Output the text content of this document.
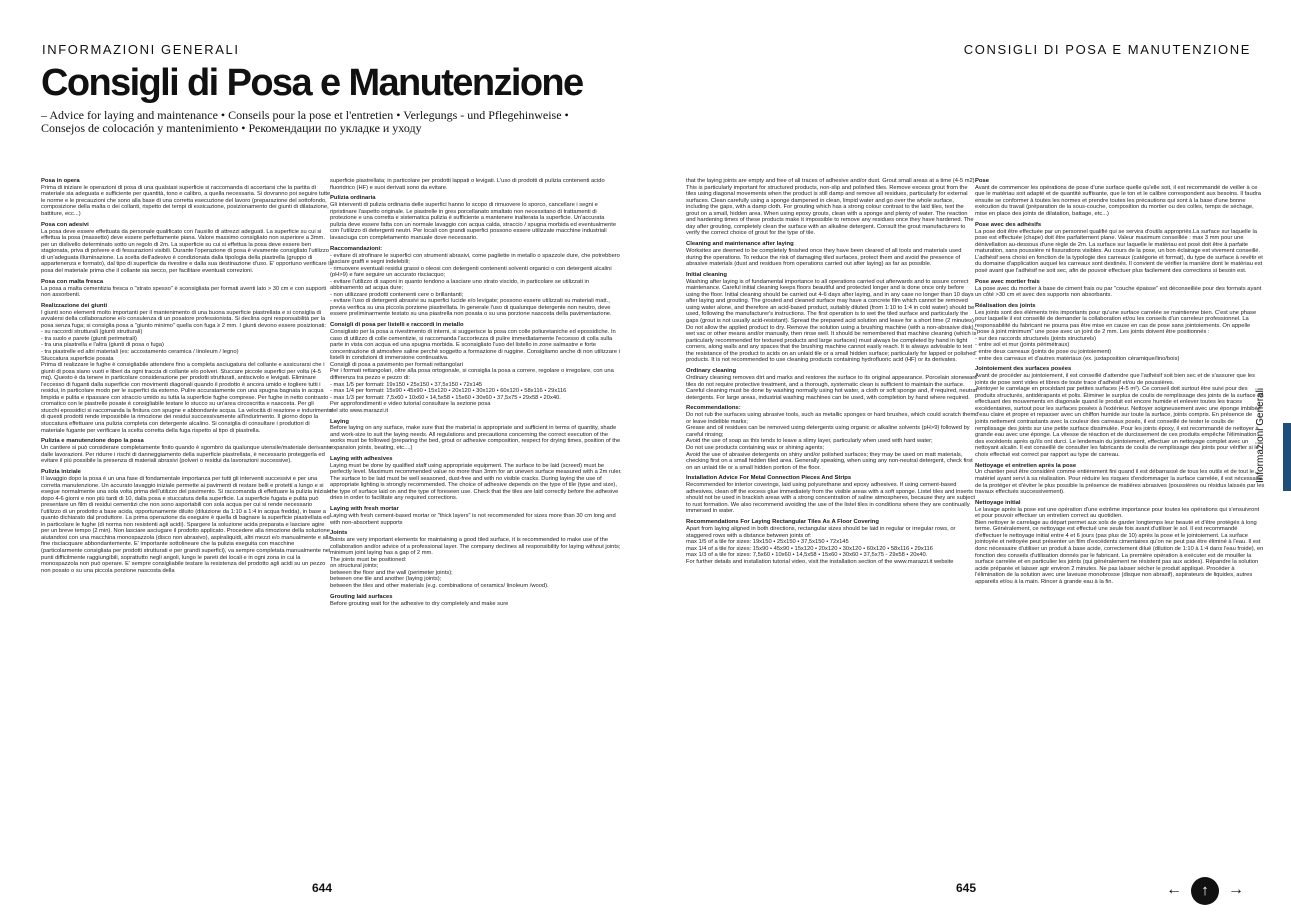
INFORMAZIONI GENERALI	CONSIGLI DI POSA E MANUTENZIONE
Consigli di Posa e Manutenzione
– Advice for laying and maintenance • Conseils pour la pose et l'entretien • Verlegungs - und Pflegehinweise • Consejos de colocación y mantenimiento • Рекомендации по укладке и уходу
Posa in opera

Prima di iniziare le operazioni di posa di una qualsiasi superficie si raccomanda di accertarsi che la partita di materiale sia adeguata e sufficiente per quantità, tono e calibro, a quella necessaria. Si dovranno poi seguire tutte le norme e le precauzioni che sono alla base di una corretta esecuzione del lavoro (preparazione del sottofondo, composizione della malta o dei collanti, rispetto dei tempi di essicazione, posizionamento dei giunti di dilatazione, battiture, ecc...)

Posa con adesivi

La posa deve essere effettuata da personale qualificato con l'ausilio di attrezzi adeguati. La superficie su cui si effettua la posa (massetto) deve essere perfettamente piana. Valore massimo consigliato non superiore a 3mm. per un dislivello determinato sotto un regolo di 2m. La superficie su cui si effettua la posa deve essere ben stagionata, priva di polvere e di fessurazioni visibili. Durante l'operazione di posa è vivamente consigliato l'utilizzo di un'adeguata illuminazione. La scelta dell'adesivo è condizionata dalla tipologia della piastrella (gruppo di appartenenza e formato), dal tipo di superficie da rivestire e dalla sua destinazione d'uso. E' opportuno verificare la posa del materiale prima che il collante sia secco, per facilitare eventuali correzioni.

Posa con malta fresca

La posa a malta cementizia fresca o "strato spesso" è sconsigliata per formati aventi lato > 30 cm e con supporti non assorbenti.

Realizzazione dei giunti

I giunti sono elementi molto importanti per il mantenimento di una buona superficie piastrellata e si consiglia di avvalersi della collaborazione e/o consulenza di un posatore professionista. Si declina ogni responsabilità per la posa senza fuga; si consiglia posa a "giunto minimo" quella con fuga ≥ 2 mm. I giunti devono essere posizionati:
- su raccordi strutturali (giunti strutturali)
- tra suolo e parete (giunti perimetrali)
- tra una piastrella e l'altra (giunti di posa o fuga)
- tra piastrelle ed altri materiali (es: accostamento ceramica / linoleum / legno)
Stuccatura superficie posata
Prima di realizzare le fughe è consigliabile attendere fino a completa asciugatura del collante e assicurarsi che i giunti di posa siano vuoti e liberi da ogni traccia di collante e/o polveri. Stuccare piccole superfici per volta (4-5 mq). Questo è da tenere in particolare considerazione per prodotti strutturati, antiscivolo e levigati. Eliminare l'eccesso di fuganti dalla superficie con movimenti diagonali quando il prodotto è ancora umido e togliere tutti i residui, in particolare modo per le superfici da esterno. Pulire accuratamente con una spugna bagnata in acqua limpida e pulita e ripassare con straccio umido su tutta la superficie fughe comprese. Per fughe in netto contrasto cromatico con le piastrelle posate è consigliabile testare lo stucco su un'area circoscritta e nascosta. Per gli stucchi epossidici si raccomanda la finitura con spugne e abbondante acqua. La velocità di reazione e indurimento di questi prodotti rende impossibile la rimozione dei residui successivamente all'indurimento. Il giorno dopo la stuccatura effettuare una pulizia completa con detergente alcalino. Si consiglia di consultare i produttori di materiale fugante per verificare la scelta corretta della fuga rispetto al tipo di piastrella.

Pulizia e manutenzione dopo la posa

Un cantiere si può considerare completamente finito quando è sgombro da qualunque utensile/materiale derivante dalle lavorazioni. Per ridurre i rischi di danneggiamento della superficie piastrellata, è necessario proteggerla ed evitare il più possibile la presenza di materiali abrasivi (polveri o residui da lavorazioni successive).

Pulizia iniziale

Il lavaggio dopo la posa è un una fase di fondamentale importanza per tutti gli interventi successivi e per una corretta manutenzione. Un accurato lavaggio iniziale permette ai pavimenti di restare belli e protetti a lungo e si esegue normalmente una sola volta prima dell'utilizzo del pavimento. Si raccomanda di effettuare la pulizia iniziale dopo 4-6 giorni e non più tardi di 10, dalla posa e stuccatura della superficie. La superficie fugata e pulita può presentare un film di residui cementizi che non sono asportabili con sola acqua per cui si rende necessario l'utilizzo di un prodotto a base acida, opportunamente diluito (diluizione da 1:10 a 1:4 in acqua fredda), in base a quanto dichiarato dal produttore. La prima operazione da eseguire è quella di bagnare la superficie piastrellata ed in particolare le fughe (di norma non resistenti agli acidi). Spargere la soluzione acida preparata e lasciare agire per un breve tempo (2 min). Non lasciare asciugare il prodotto applicato. Procedere alla rimozione della soluzione aiutandosi con una macchina monospazzola (disco non abrasivo), aspiraliquidi, altri mezzi e/o manualmente e alla fine risciacquare abbondantemente. E' importante sottolineare che la pulizia eseguita con macchine (particolarmente consigliata per prodotti strutturati e per grandi superfici), va sempre completata manualmente nei punti difficilmente raggiungibili, soprattutto negli angoli, lungo le pareti dei locali e in ogni zona in cui la monospazzola non può operare. E' sempre consigliabile testare la resistenza del prodotto agli acidi su un pezzo non posato o su una piccola porzione nascosta della

superficie piastrellata; in particolare per prodotti lappati o levigati. L'uso di prodotti di pulizia contenenti acido fluoridrico (HF) e suoi derivati sono da evitare.

Pulizia ordinaria

Gli interventi di pulizia ordinaria delle superfici hanno lo scopo di rimuovere lo sporco, cancellare i segni e ripristinare l'aspetto originale. Le piastrelle in gres porcellanato smaltato non necessitano di trattamenti di protezione e una corretta e sistematica pulizia è sufficiente a mantenere inalterata la superficie. Un'accurata pulizia deve essere fatta con un normale lavaggio con acqua calda, straccio / spugna morbida ed eventualmente con l'utilizzo di detergenti neutri. Per locali con grandi superfici possono essere utilizzate macchine industriali lavasciuga con completamento manuale dove necessario.

Raccomandazioni:

- evitare di strofinare le superfici con strumenti abrasivi, come pagliette in metallo o spazzole dure, che potrebbero lasciare graffi e segni indelebili;
- rimuovere eventuali residui grassi o oleosi con detergenti contenenti solventi organici o con detergenti alcalini (pH>9) e fare seguire un accurato risciacquo;
- evitare l'utilizzo di saponi in quanto tendono a lasciare uno strato viscido, in particolare se utilizzati in abbinamento ad acqua dure;
- non utilizzare prodotti contenenti cere o brillantanti;
- evitare l'uso di detergenti abrasivi su superfici lucide e/o levigate; possono essere utilizzati su materiali matt., previa verifica su una piccola porzione piastrellata. In generale l'uso di qualunque detergente non neutro, deve essere preliminarmente testato su una piastrella non posata o su una porzione nascosta della pavimentazione.

Consigli di posa per listelli e raccordi in metallo

Consigliato per la posa a rivestimento di interni, si suggerisce la posa con colle poliuretaniche ed epossidiche. In caso di utilizzo di colle cementizie, si raccomanda l'accortezza di pulire immediatamente l'eccesso di colla sulla parte in vista con acqua ed una spugna morbida. E sconsigliato l'uso del listello in zone salmastre e forte concentrazione di atmosfere saline perchè soggetto a formazione di ruggine. Consigliamo anche di non utilizzare i listelli in condizioni di immersione continuativa.
Consigli di posa a pavimento per formati rettangolari
Per i formati rettangolari, oltre alla posa ortogonale, si consiglia la posa a correre, regolare o irregolare, con una differenza tra pezzo e pezzo di:
- max 1/5 per formati: 19x150 • 25x150 • 37,5x150 • 72x145
- max 1/4 per formati: 15x90 • 45x90 • 15x120 • 20x120 • 30x120 • 60x120 • 58x116 • 29x116
- max 1/3 per formati: 7,5x60 • 10x60 • 14,5x58 • 15x60 • 30x60 • 37,5x75 • 29x58 • 20x40.
Per approfondimenti e video tutorial consultare la sezione posa
del sito www.marazzi.it

Laying

Before laying on any surface, make sure that the material is appropriate and sufficient in terms of quantity, shade and work-size to suit the laying needs. All regulations and precautions concerning the correct execution of the works must be followed (preparing the bed, grout or adhesive composition, respect for drying times, position of the expansion joints, beating, etc....)

Laying with adhesives

Laying must be done by qualified staff using appropriate equipment. The surface to be laid (screed) must be perfectly level. Maximum recommended value no more than 3mm for an uneven surface measured with a 2m ruler. The surface to be laid must be well seasoned, dust-free and with no visible cracks. During laying the use of appropriate lighting is strongly recommended. The choice of adhesive depends on the type of tile (type and size), the type of surface laid on and the type of foreseen use. Check that the tiles are laid correctly before the adhesive dries in order to facilitate any required corrections.

Laying with fresh mortar

Laying with fresh cement-based mortar or "thick layers" is not recommended for sizes more than 30 cm long and with non-absorbent supports

Joints

Joints are very important elements for maintaining a good tiled surface, it is recommended to make use of the collaboration and/or advice of a professional layer. The company declines all responsibility for laying without joints; minimum joint laying has a gap of 2 mm.
The joints must be positioned:
on structural joints;
between the floor and the wall (perimeter joints);
between one tile and another (laying joints);
between the tiles and other materials (e.g. combinations of ceramics/ linoleum /wood).

Grouting laid surfaces

Before grouting wait for the adhesive to dry completely and make sure

that the laying joints are empty and free of all traces of adhesive and/or dust. Grout small areas at a time (4-5 m2). This is particularly important for structured products, non-slip and polished tiles. Remove excess grout from the tiles using diagonal movements when the product is still damp and remove all residues, particularly for external surfaces. Clean carefully using a sponge dampened in clean, limpid water and go over the whole surface, including the gaps, with a damp cloth. For grouting which has a strong colour contrast to the laid tiles, test the grout on a small, hidden area. When using epoxy grouts, clean with a sponge and plenty of water. The reaction and hardening times of these products make it impossible to remove any residues once they have hardened. The day after grouting, completely clean the surface with an alkaline detergent. Consult the grout manufacturers to verify the correct choice of grout for the type of tile.

Cleaning and maintenance after laying

Worksites are deemed to be completely finished once they have been cleared of all tools and materials used during the operations. To reduce the risk of damaging tiled surfaces, protect them and avoid the presence of abrasive materials (dust and residues from operations carried out after laying) as far as possible.

Initial cleaning

Washing after laying is of fundamental importance to all operations carried out afterwards and to assure correct maintenance. Careful initial cleaning keeps floors beautiful and protected longer and is done once only before using the floor. Initial cleaning should be carried out 4-6 days after laying, and in any case no longer than 10 days after laying and grouting. The grouted and cleaned surface may have a concrete film which cannot be removed using water alone, and therefore an acid-based product, suitably diluted (from 1:10 to 1:4 in cold water) should be used, following the manufacturer's instructions. The first operation is to wet the tiled surface and particularly the gaps (grout is not usually acid-resistant). Spread the prepared acid solution and leave for a short time (2 minutes). Do not allow the applied product to dry. Remove the solution using a brushing machine (with a non-abrasive disk), wet vac or other means and/or manually, then rinse well. It should be remembered that machine cleaning (which is particularly recommended for textured products and large surfaces) must always be completed by hand in tight corners, along walls and any spaces that the brushing machine cannot easily reach. It is always advisable to test the resistance of the product to acids on an unlaid tile or a small hidden surface; particularly for lapped or polished products. It is not recommended to use cleaning products containing hydrofluoric acid (HF) or its derivates.

Ordinary cleaning

Ordinary cleaning removes dirt and marks and restores the surface to its original appearance. Porcelain stoneware tiles do not require protective treatment, and a thorough, systematic clean is sufficient to maintain the surface. Careful cleaning must be done by washing normally using hot water, a cloth or soft sponge and, if required, neutral detergents. For large areas, industrial washing machines can be used, with completion by hand where required.

Recommendations:

Do not rub the surfaces using abrasive tools, such as metallic sponges or hard brushes, which could scratch them or leave indelible marks;
Grease and oil residues can be removed using detergents using organic or alkaline solvents (pH>9) followed by careful rinsing;
Avoid the use of soap as this tends to leave a slimy layer, particularly when used with hard water;
Do not use products containing wax or shining agents;
Avoid the use of abrasive detergents on shiny and/or polished surfaces; they may be used on matt materials, checking first on a small hidden tiled area. Generally speaking, when using any non-neutral detergent, check first on an unlaid tile or a small hidden portion of the floor.

Installation Advice For Metal Connection Pieces And Strips

Recommended for interior coverings, laid using polyurethane and epoxy adhesives. If using cement-based adhesives, clean off the excess glue immediately from the visible areas with a soft sponge. Listel tiles and inserts should not be used in brackish areas with a strong concentration of saline atmospheres, because they are subject to rust formation. We also recommend avoiding the use of the listel tiles in conditions where they are continually immersed in water.

Recommendations For Laying Rectangular Tiles As A Floor Covering

Apart from laying aligned in both directions, rectangular sizes should be laid in regular or irregular rows, or staggered rows with a distance between joints of:
max 1/5 of a tile for sizes: 19x150 • 25x150 • 37,5x150 • 72x145
max 1/4 of a tile for sizes: 15x90 • 45x90 • 15x120 • 20x120 • 30x120 • 60x120 • 58x116 • 29x116
max 1/3 of a tile for sizes: 7,5x60 • 10x60 • 14,5x58 • 15x60 • 30x60 • 37,5x75 - 29x58 • 20x40.
For further details and installation tutorial video, visit the installation section of the www.marazzi.it website

Pose

Avant de commencer les opérations de pose d'une surface quelle qu'elle soit, il est recommandé de veiller à ce que le matériau soit adapté et de quantité suffisante, que le ton et le calibre correspondent aux besoins. Il faudra ensuite se conformer à toutes les normes et prendre toutes les précautions qui sont à la base d'une bonne exécution du travail (préparation de la sous-couche, composition du mortier ou des colles, temps de séchage, mise en place des joints de dilatation, battage, etc...)

Pose avec des adhésifs

La pose doit être effectuée par un personnel qualifié qui se servira d'outils appropriés.La surface sur laquelle la pose est effectuée (chape) doit être parfaitement plane. Valeur maximum conseillée : max 3 mm pour une dénivellation au-dessous d'une règle de 2m. La surface sur laquelle le matériau est posé doit être à parfaite maturation, sans poussière ni fissurations visibles. Au cours de la pose, un bon éclairage est vivement conseillé. L'adhésif sera choisi en fonction de la typologie des carreaux (catégorie et format), du type de surface à revêtir et du domaine d'application auquel les carreaux sont destinés. Il convient de vérifier la manière dont le matériau est posé avant que l'adhésif ne soit sec, afin de pouvoir effectuer plus facilement des corrections si besoin est.

Pose avec mortier frais

La pose avec du mortier à base de ciment frais ou par "couche épaisse" est déconseillée pour des formats ayant un côté >30 cm et avec des supports non absorbants.

Réalisation des joints

Les joints sont des éléments très importants pour qu'une surface carrelée se maintienne bien. C'est une phase pour laquelle il est conseillé de demander la collaboration et/ou les conseils d'un carreleur professionnel. La responsabilité du fabricant ne pourra pas être mise en cause en cas de pose sans jointoiements. On appelle "pose à joint minimum" une pose avec un joint de 2 mm. Les joints doivent être positionnés :
- sur des raccords structurels (joints structurels)
- entre sol et mur (joints périmétraux)
- entre deux carreaux (joints de pose ou jointoiement)
- entre des carreaux et d'autres matériaux (ex. juxtaposition céramique/lino/bois)

Jointoiement des surfaces posées

Avant de procéder au jointoiement, il est conseillé d'attendre que l'adhésif soit bien sec et de s'assurer que les joints de pose sont vides et libres de toute trace d'adhésif et/ou de poussières.
Jointoyer le carrelage en procédant par petites surfaces (4-5 m²). Ce conseil doit surtout être suivi pour des produits structurés, antidérapants et polis. Éliminer le surplus de coulis de remplissage des joints de la surface en effectuant des mouvements en diagonale quand le produit est encore humide et enlever toutes les traces excédentaires, surtout pour les surfaces posées à l'extérieur. Nettoyer soigneusement avec une éponge imbibée d'eau claire et propre et repasser avec un chiffon humide sur toute la surface, joints compris. En présence de joints nettement contrastants avec la couleur des carreaux posés, il est conseillé de tester le coulis de remplissage des joints sur une petite surface dissimulée. Pour les joints époxy, il est recommandé de nettoyer à grande eau avec une éponge. La vitesse de réaction et de durcissement de ces produits empêche l'élimination des excédents après qu'ils ont durci. Le lendemain du jointoiement, effectuer un nettoyage complet avec un nettoyant alcalin. Il est conseillé de consulter les fabricants de coulis de remplissage des joints pour vérifier si le choix effectué est correct par rapport au type de carreau.

Nettoyage et entretien après la pose

Un chantier peut être considéré comme entièrement fini quand il est débarrassé de tous les outils et de tout le matériel ayant servi à sa réalisation. Pour réduire les risques d'endommager la surface carrelée, il est nécessaire de la protéger et d'éviter le plus possible la présence de matières abrasives (poussières ou résidus laissés par les travaux effectués successivement).

Nettoyage initial

Le lavage après la pose est une opération d'une extrême importance pour toutes les opérations qui s'ensuivront et pour pouvoir effectuer un entretien correct au quotidien.
Bien nettoyer le carrelage au départ permet aux sols de garder longtemps leur beauté et d'être protégés à long terme. Généralement, ce nettoyage est effectué une seule fois avant d'utiliser le sol. Il est recommandé d'effectuer le nettoyage initial entre 4 et 6 jours (pas plus de 10) après la pose et le jointoiement. La surface jointoyée et nettoyée peut présenter un film d'excédents cimentaires qu'on ne peut pas être éliminé à l'eau. Il est donc nécessaire d'utiliser un produit à base acide, correctement dilué (dilution de 1:10 à 1:4 dans l'eau froide), en fonction des conseils d'utilisation donnés par le fabricant. La première opération à exécuter est de mouiller la surface carrelée et en particulier les joints (qui généralement ne résistent pas aux acides). Répandre la solution acide préparée et laisser agir environ 2 minutes. Ne pas laisser sécher le produit appliqué. Procéder à l'élimination de la solution avec une laveuse monobrosse (disque non abrasif), aspirateurs de liquides, autres appareils et/ou à la main. Rincer à grande eau à la fin.

644	645
Informazioni Generali
←	↑	→
